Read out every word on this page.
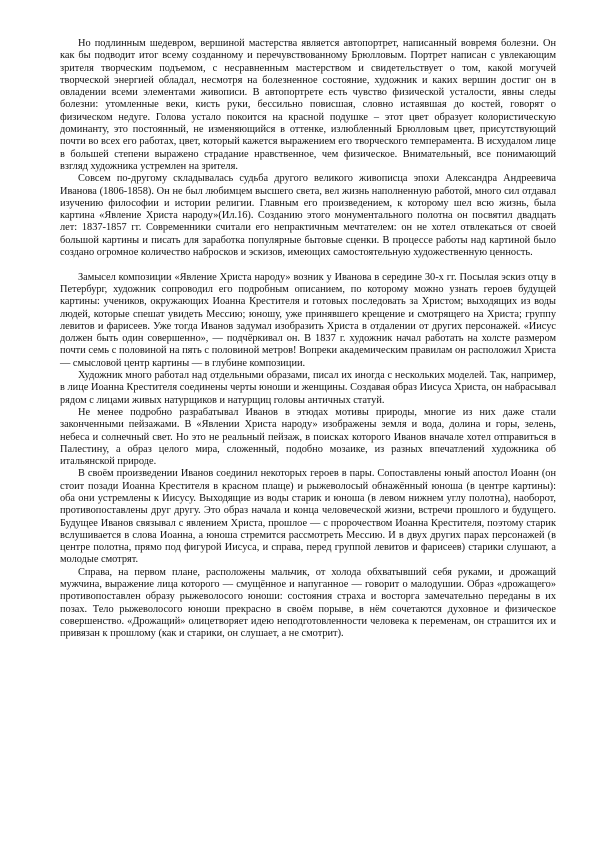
Но подлинным шедевром, вершиной мастерства является автопортрет, написанный вовремя болезни. Он как бы подводит итог всему созданному и перечувствованному Брюлловым. Портрет написан с увлекающим зрителя творческим подъемом, с несравненным мастерством и свидетельствует о том, какой могучей творческой энергией обладал, несмотря на болезненное состояние, художник и каких вершин достиг он в овладении всеми элементами живописи. В автопортрете есть чувство физической усталости, явны следы болезни: утомленные веки, кисть руки, бессильно повисшая, словно истаявшая до костей, говорят о физическом недуге. Голова устало покоится на красной подушке – этот цвет образует колористическую доминанту, это постоянный, не изменяющийся в оттенке, излюбленный Брюлловым цвет, присутствующий почти во всех его работах, цвет, который кажется выражением его творческого темперамента. В исхудалом лице в большей степени выражено страдание нравственное, чем физическое. Внимательный, все понимающий взгляд художника устремлен на зрителя.

Совсем по-другому складывалась судьба другого великого живописца эпохи Александра Андреевича Иванова (1806-1858). Он не был любимцем высшего света, вел жизнь наполненную работой, много сил отдавал изучению философии и истории религии. Главным его произведением, к которому шел всю жизнь, была картина «Явление Христа народу»(Ил.16). Созданию этого монументального полотна он посвятил двадцать лет: 1837-1857 гг. Современники считали его непрактичным мечтателем: он не хотел отвлекаться от своей большой картины и писать для заработка популярные бытовые сценки. В процессе работы над картиной было создано огромное количество набросков и эскизов, имеющих самостоятельную художественную ценность.

Замысел композиции «Явление Христа народу» возник у Иванова в середине 30-х гг. Посылая эскиз отцу в Петербург, художник сопроводил его подробным описанием, по которому можно узнать героев будущей картины: учеников, окружающих Иоанна Крестителя и готовых последовать за Христом; выходящих из воды людей, которые спешат увидеть Мессию; юношу, уже принявшего крещение и смотрящего на Христа; группу левитов и фарисеев. Уже тогда Иванов задумал изобразить Христа в отдалении от других персонажей. «Иисус должен быть один совершенно», — подчёркивал он. В 1837 г. художник начал работать на холсте размером почти семь с половиной на пять с половиной метров! Вопреки академическим правилам он расположил Христа — смысловой центр картины — в глубине композиции.

Художник много работал над отдельными образами, писал их иногда с нескольких моделей. Так, например, в лице Иоанна Крестителя соединены черты юноши и женщины. Создавая образ Иисуса Христа, он набрасывал рядом с лицами живых натурщиков и натурщиц головы античных статуй.

Не менее подробно разрабатывал Иванов в этюдах мотивы природы, многие из них даже стали законченными пейзажами. В «Явлении Христа народу» изображены земля и вода, долина и горы, зелень, небеса и солнечный свет. Но это не реальный пейзаж, в поисках которого Иванов вначале хотел отправиться в Палестину, а образ целого мира, сложенный, подобно мозаике, из разных впечатлений художника об итальянской природе.

В своём произведении Иванов соединил некоторых героев в пары. Сопоставлены юный апостол Иоанн (он стоит позади Иоанна Крестителя в красном плаще) и рыжеволосый обнажённый юноша (в центре картины): оба они устремлены к Иисусу. Выходящие из воды старик и юноша (в левом нижнем углу полотна), наоборот, противопоставлены друг другу. Это образ начала и конца человеческой жизни, встречи прошлого и будущего. Будущее Иванов связывал с явлением Христа, прошлое — с пророчеством Иоанна Крестителя, поэтому старик вслушивается в слова Иоанна, а юноша стремится рассмотреть Мессию. И в двух других парах персонажей (в центре полотна, прямо под фигурой Иисуса, и справа, перед группой левитов и фарисеев) старики слушают, а молодые смотрят.

Справа, на первом плане, расположены мальчик, от холода обхватывший себя руками, и дрожащий мужчина, выражение лица которого — смущённое и напуганное — говорит о малодушии. Образ «дрожащего» противопоставлен образу рыжеволосого юноши: состояния страха и восторга замечательно переданы в их позах. Тело рыжеволосого юноши прекрасно в своём порыве, в нём сочетаются духовное и физическое совершенство. «Дрожащий» олицетворяет идею неподготовленности человека к переменам, он страшится их и привязан к прошлому (как и старики, он слушает, а не смотрит).
